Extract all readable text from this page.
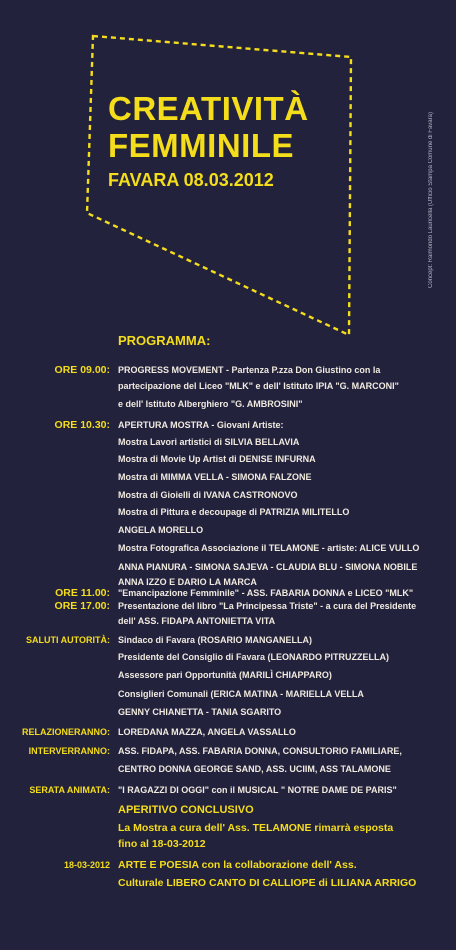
CREATIVITÀ
FEMMINILE
FAVARA 08.03.2012	Concept: Raimondo Lauricella (Ufficio Stampa Comune di Favara)
PROGRAMMA:
ORE 09.00: PROGRESS MOVEMENT - Partenza P.zza Don Giustino con la
partecipazione del Liceo "MLK" e dell' Istituto IPIA "G. MARCONI"
e dell' Istituto Alberghiero "G. AMBROSINI"
ORE 10.30: APERTURA MOSTRA - Giovani Artiste:
Mostra Lavori artistici di SILVIA BELLAVIA
Mostra di Movie Up Artist di DENISE INFURNA
Mostra di MIMMA VELLA - SIMONA FALZONE
Mostra di Gioielli di IVANA CASTRONOVO
Mostra di Pittura e decoupage di PATRIZIA MILITELLO
ANGELA MORELLO
Mostra Fotografica Associazione il TELAMONE - artiste: ALICE VULLO
ANNA PIANURA - SIMONA SAJEVA - CLAUDIA BLU - SIMONA NOBILE
ANNA IZZO E DARIO LA MARCA
ORE 11.00: "Emancipazione Femminile" - ASS. FABARIA DONNA e LICEO "MLK"
ORE 17.00: Presentazione del libro "La Principessa Triste" - a cura del Presidente
dell' ASS. FIDAPA ANTONIETTA VITA
SALUTI AUTORITÀ: Sindaco di Favara (ROSARIO MANGANELLA)
Presidente del Consiglio di Favara (LEONARDO PITRUZZELLA)
Assessore pari Opportunità (MARILÌ CHIAPPARO)
Consiglieri Comunali (ERICA MATINA - MARIELLA VELLA
GENNY CHIANETTA - TANIA SGARITO
RELAZIONERANNO: LOREDANA MAZZA, ANGELA VASSALLO
INTERVERRANNO: ASS. FIDAPA, ASS. FABARIA DONNA, CONSULTORIO FAMILIARE,
CENTRO DONNA GEORGE SAND, ASS. UCIIM, ASS TALAMONE
SERATA ANIMATA: "I RAGAZZI DI OGGI" con il MUSICAL " NOTRE DAME DE PARIS"
APERITIVO CONCLUSIVO
La Mostra a cura dell' Ass. TELAMONE rimarrà esposta
fino al 18-03-2012
18-03-2012 ARTE E POESIA con la collaborazione dell' Ass.
Culturale LIBERO CANTO DI CALLIOPE di LILIANA ARRIGO
